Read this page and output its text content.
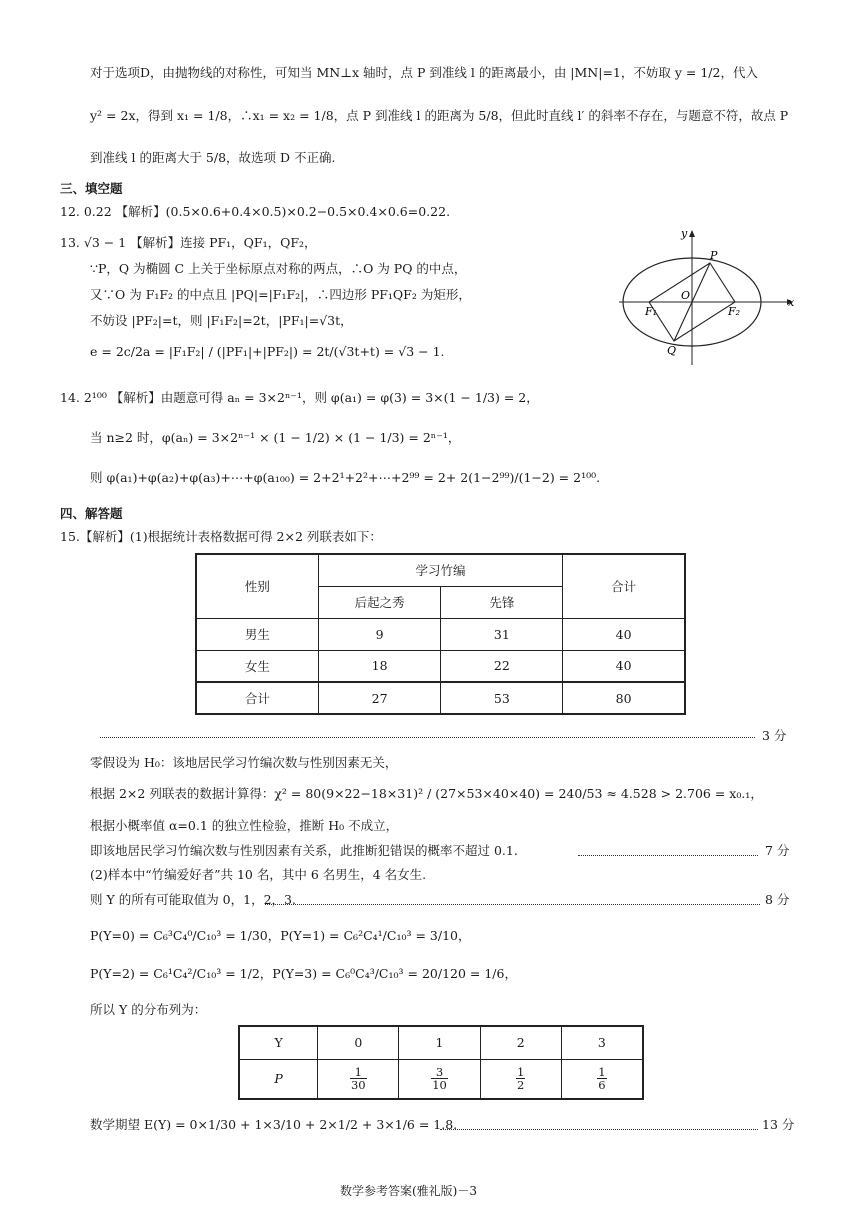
对于选项D，由抛物线的对称性，可知当 MN⊥x 轴时，点 P 到准线 l 的距离最小，由 |MN|=1，不妨取 y = 1/2，代入
y² = 2x，得到 x₁ = 1/8，∴x₁ = x₂ = 1/8，点 P 到准线 l 的距离为 5/8，但此时直线 l′ 的斜率不存在，与题意不符，故点 P
到准线 l 的距离大于 5/8，故选项 D 不正确.
三、填空题
12. 0.22 【解析】(0.5×0.6+0.4×0.5)×0.2−0.5×0.4×0.6=0.22.
13. √3 − 1 【解析】连接 PF₁，QF₁，QF₂，
∵P，Q 为椭圆 C 上关于坐标原点对称的两点，∴O 为 PQ 的中点，
又∵O 为 F₁F₂ 的中点且 |PQ|=|F₁F₂|，∴四边形 PF₁QF₂ 为矩形，
不妨设 |PF₂|=t，则 |F₁F₂|=2t，|PF₁|=√3t，
e = 2c/2a = |F₁F₂| / (|PF₁|+|PF₂|) = 2t/(√3t+t) = √3 − 1.
y
x
P
O
F₁	F₂
Q
14. 2¹⁰⁰ 【解析】由题意可得 aₙ = 3×2ⁿ⁻¹，则 φ(a₁) = φ(3) = 3×(1 − 1/3) = 2，
当 n≥2 时，φ(aₙ) = 3×2ⁿ⁻¹ × (1 − 1/2) × (1 − 1/3) = 2ⁿ⁻¹，
则 φ(a₁)+φ(a₂)+φ(a₃)+⋯+φ(a₁₀₀) = 2+2¹+2²+⋯+2⁹⁹ = 2+ 2(1−2⁹⁹)/(1−2) = 2¹⁰⁰.
四、解答题
15.【解析】(1)根据统计表格数据可得 2×2 列联表如下：
性别	学习竹编		合计
	后起之秀	先锋	
男生	9	31	40
女生	18	22	40
合计	27	53	80
3 分
零假设为 H₀：该地居民学习竹编次数与性别因素无关，
根据 2×2 列联表的数据计算得：χ² = 80(9×22−18×31)² / (27×53×40×40) = 240/53 ≈ 4.528 > 2.706 = x₀.₁，
根据小概率值 α=0.1 的独立性检验，推断 H₀ 不成立，
即该地居民学习竹编次数与性别因素有关系，此推断犯错误的概率不超过 0.1.	7 分
(2)样本中“竹编爱好者”共 10 名，其中 6 名男生，4 名女生.
则 Y 的所有可能取值为 0，1，2，3.	8 分
P(Y=0) = C₆³C₄⁰/C₁₀³ = 1/30，P(Y=1) = C₆²C₄¹/C₁₀³ = 3/10，
P(Y=2) = C₆¹C₄²/C₁₀³ = 1/2，P(Y=3) = C₆⁰C₄³/C₁₀³ = 20/120 = 1/6，
所以 Y 的分布列为：
Y	0	1	2	3
P	$\frac{1}{30}$	$\frac{3}{10}$	$\frac{1}{2}$	$\frac{1}{6}$
数学期望 E(Y) = 0×1/30 + 1×3/10 + 2×1/2 + 3×1/6 = 1.8.	13 分
数学参考答案(雅礼版)－3
